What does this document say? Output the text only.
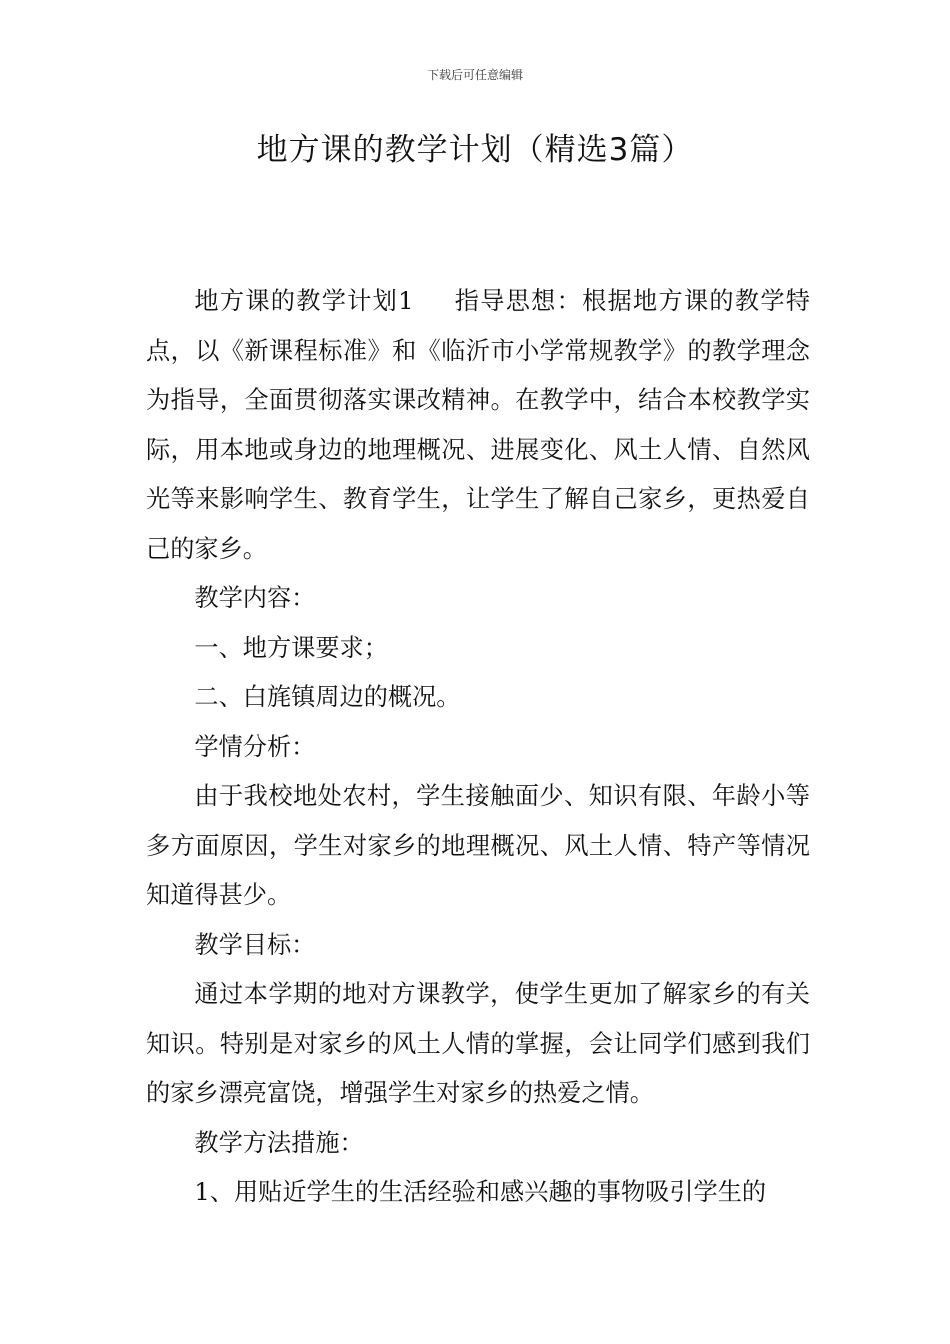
下载后可任意编辑
地方课的教学计划（精选3篇）

地方课的教学计划1 指导思想：根据地方课的教学特点，以《新课程标准》和《临沂市小学常规教学》的教学理念为指导，全面贯彻落实课改精神。在教学中，结合本校教学实际，用本地或身边的地理概况、进展变化、风土人情、自然风光等来影响学生、教育学生，让学生了解自己家乡，更热爱自己的家乡。

教学内容：

一、地方课要求；

二、白旄镇周边的概况。

学情分析：

由于我校地处农村，学生接触面少、知识有限、年龄小等多方面原因，学生对家乡的地理概况、风土人情、特产等情况知道得甚少。

教学目标：

通过本学期的地对方课教学，使学生更加了解家乡的有关知识。特别是对家乡的风土人情的掌握，会让同学们感到我们的家乡漂亮富饶，增强学生对家乡的热爱之情。

教学方法措施：

1、用贴近学生的生活经验和感兴趣的事物吸引学生的
